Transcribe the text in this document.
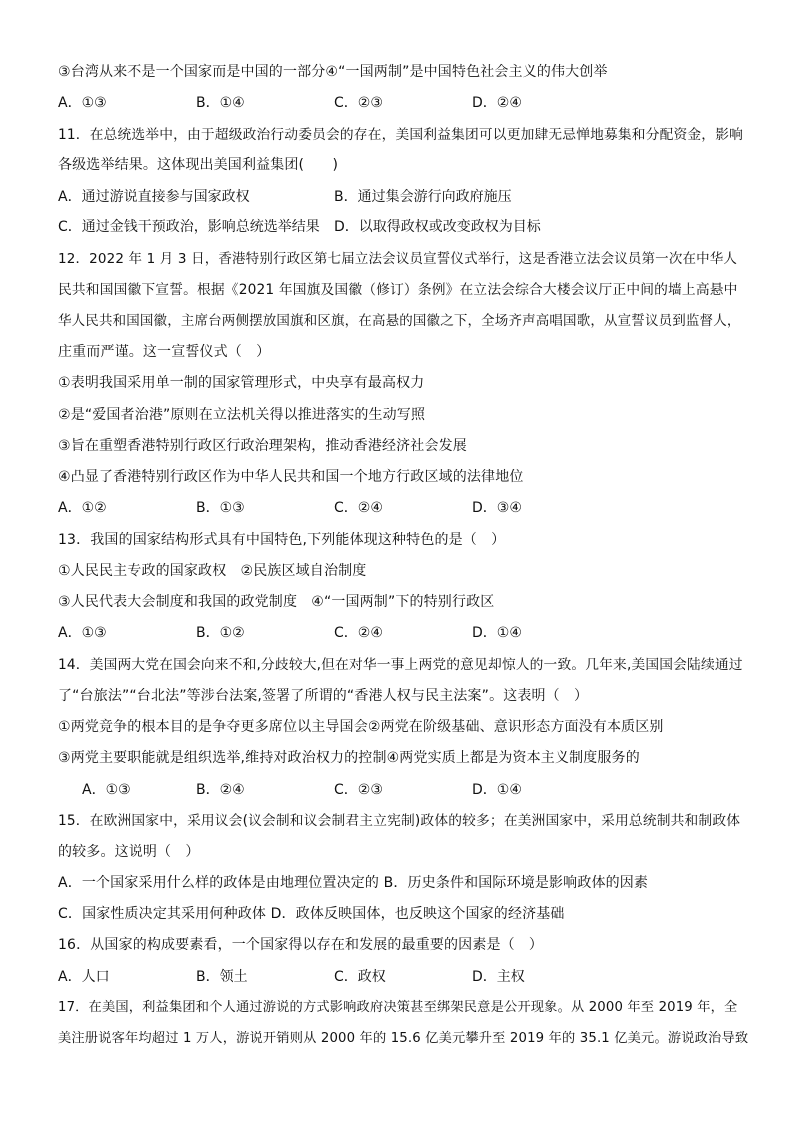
③台湾从来不是一个国家而是中国的一部分④“一国两制”是中国特色社会主义的伟大创举
A．①③	B．①④	C．②③	D．②④
11．在总统选举中，由于超级政治行动委员会的存在，美国利益集团可以更加肆无忌惮地募集和分配资金，影响
各级选举结果。这体现出美国利益集团(　　)
A．通过游说直接参与国家政权	B．通过集会游行向政府施压
C．通过金钱干预政治，影响总统选举结果 D．以取得政权或改变政权为目标
12．2022 年 1 月 3 日，香港特别行政区第七届立法会议员宣誓仪式举行，这是香港立法会议员第一次在中华人
民共和国国徽下宣誓。根据《2021 年国旗及国徽（修订）条例》在立法会综合大楼会议厅正中间的墙上高悬中
华人民共和国国徽，主席台两侧摆放国旗和区旗，在高悬的国徽之下，全场齐声高唱国歌，从宣誓议员到监督人，
庄重而严谨。这一宣誓仪式（　）
①表明我国采用单一制的国家管理形式，中央享有最高权力
②是“爱国者治港”原则在立法机关得以推进落实的生动写照
③旨在重塑香港特别行政区行政治理架构，推动香港经济社会发展
④凸显了香港特别行政区作为中华人民共和国一个地方行政区域的法律地位
A．①②	B．①③	C．②④	D．③④
13．我国的国家结构形式具有中国特色,下列能体现这种特色的是（　）
①人民民主专政的国家政权　②民族区域自治制度
③人民代表大会制度和我国的政党制度　④“一国两制”下的特别行政区
A．①③	B．①②	C．②④	D．①④
14．美国两大党在国会向来不和,分歧较大,但在对华一事上两党的意见却惊人的一致。几年来,美国国会陆续通过
了“台旅法”“台北法”等涉台法案,签署了所谓的“香港人权与民主法案”。这表明（　）
①两党竞争的根本目的是争夺更多席位以主导国会②两党在阶级基础、意识形态方面没有本质区别
③两党主要职能就是组织选举,维持对政治权力的控制④两党实质上都是为资本主义制度服务的
A．①③	B．②④	C．②③	D．①④
15．在欧洲国家中，采用议会(议会制和议会制君主立宪制)政体的较多；在美洲国家中，采用总统制共和制政体
的较多。这说明（　）
A．一个国家采用什么样的政体是由地理位置决定的 B．历史条件和国际环境是影响政体的因素
C．国家性质决定其采用何种政体 D．政体反映国体，也反映这个国家的经济基础
16．从国家的构成要素看，一个国家得以存在和发展的最重要的因素是（　）
A．人口	B．领土	C．政权	D．主权
17．在美国，利益集团和个人通过游说的方式影响政府决策甚至绑架民意是公开现象。从 2000 年至 2019 年，全
美注册说客年均超过 1 万人，游说开销则从 2000 年的 15.6 亿美元攀升至 2019 年的 35.1 亿美元。游说政治导致
